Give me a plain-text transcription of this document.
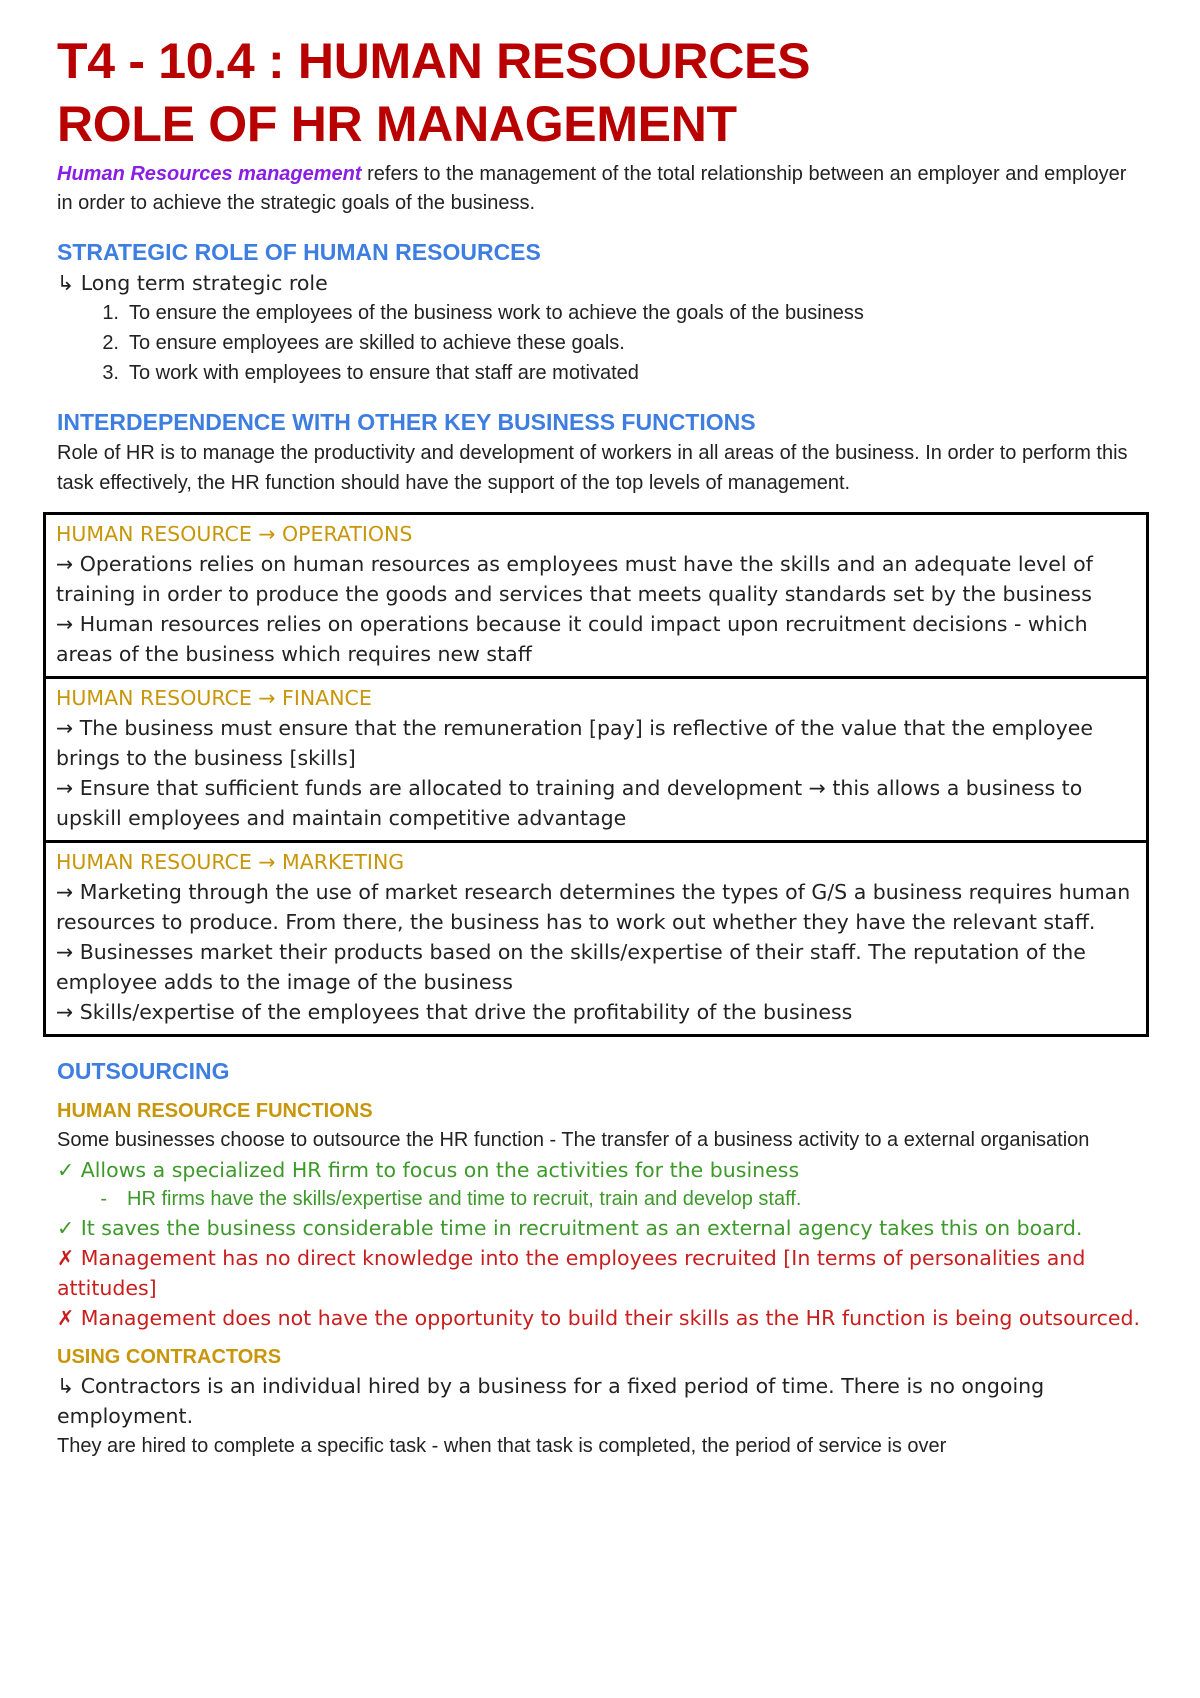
T4 - 10.4 : HUMAN RESOURCES
ROLE OF HR MANAGEMENT

Human Resources management refers to the management of the total relationship between an employer and employer in order to achieve the strategic goals of the business.

STRATEGIC ROLE OF HUMAN RESOURCES

↳ Long term strategic role

1. To ensure the employees of the business work to achieve the goals of the business
2. To ensure employees are skilled to achieve these goals.
3. To work with employees to ensure that staff are motivated
INTERDEPENDENCE WITH OTHER KEY BUSINESS FUNCTIONS

Role of HR is to manage the productivity and development of workers in all areas of the business. In order to perform this task effectively, the HR function should have the support of the top levels of management.

HUMAN RESOURCE → OPERATIONS
→ Operations relies on human resources as employees must have the skills and an adequate level of training in order to produce the goods and services that meets quality standards set by the business
→ Human resources relies on operations because it could impact upon recruitment decisions - which areas of the business which requires new staff
HUMAN RESOURCE → FINANCE
→ The business must ensure that the remuneration [pay] is reflective of the value that the employee brings to the business [skills]
→ Ensure that sufficient funds are allocated to training and development → this allows a business to upskill employees and maintain competitive advantage
HUMAN RESOURCE → MARKETING
→ Marketing through the use of market research determines the types of G/S a business requires human resources to produce. From there, the business has to work out whether they have the relevant staff.
→ Businesses market their products based on the skills/expertise of their staff. The reputation of the employee adds to the image of the business
→ Skills/expertise of the employees that drive the profitability of the business
OUTSOURCING
HUMAN RESOURCE FUNCTIONS

Some businesses choose to outsource the HR function - The transfer of a business activity to a external organisation

✓ Allows a specialized HR firm to focus on the activities for the business

-	HR firms have the skills/expertise and time to recruit, train and develop staff.

✓ It saves the business considerable time in recruitment as an external agency takes this on board.

✗ Management has no direct knowledge into the employees recruited [In terms of personalities and attitudes]

✗ Management does not have the opportunity to build their skills as the HR function is being outsourced.

USING CONTRACTORS

↳ Contractors is an individual hired by a business for a fixed period of time. There is no ongoing employment.

They are hired to complete a specific task - when that task is completed, the period of service is over
